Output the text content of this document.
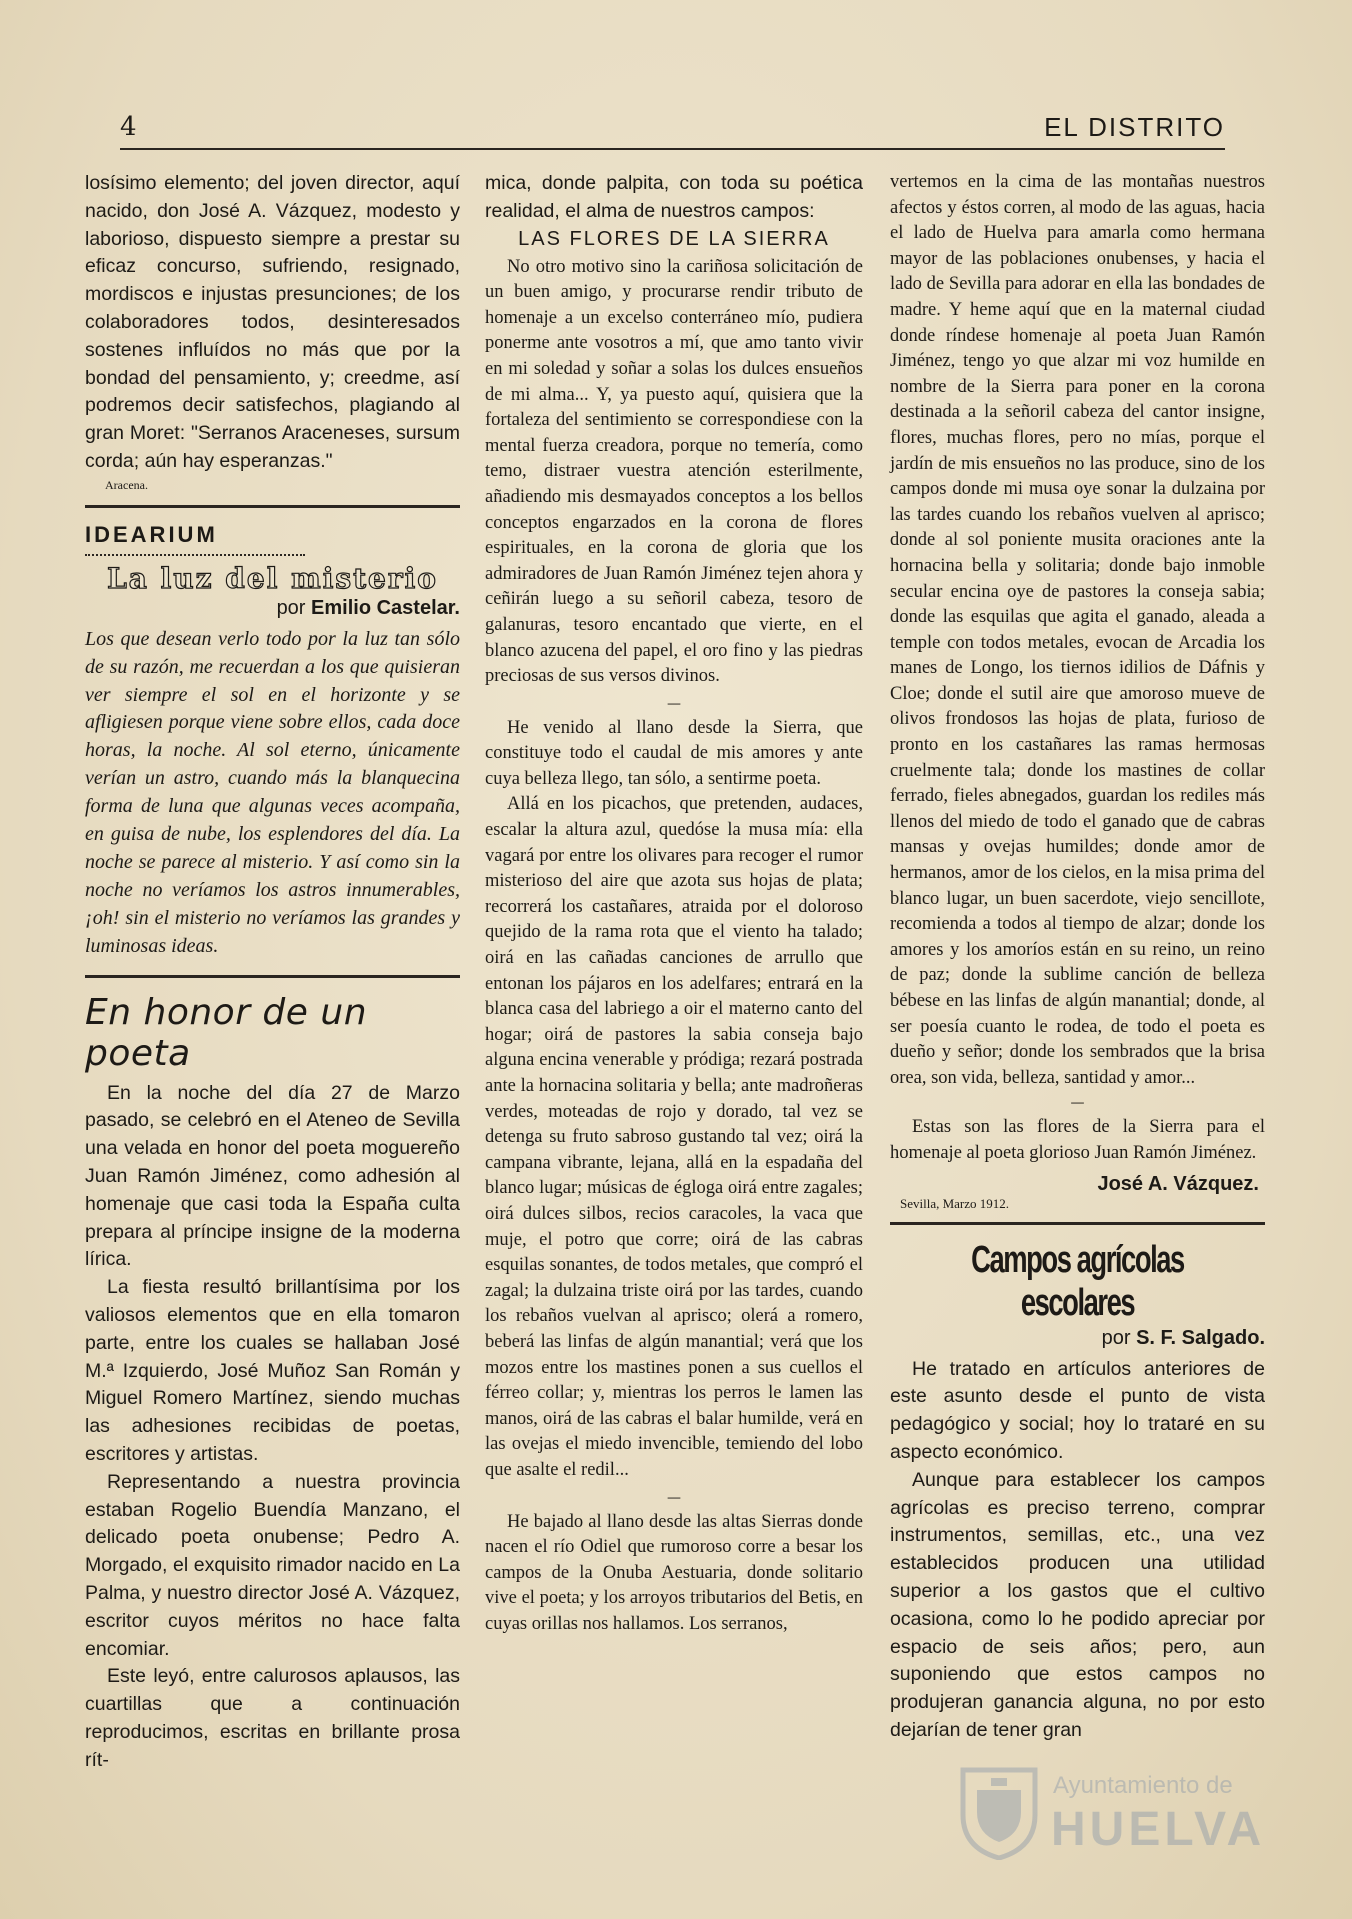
4	EL DISTRITO

losísimo elemento; del joven director, aquí nacido, don José A. Vázquez, modesto y laborioso, dispuesto siempre a prestar su eficaz concurso, sufriendo, resignado, mordiscos e injustas presunciones; de los colaboradores todos, desinteresados sostenes influídos no más que por la bondad del pensamiento, y; creedme, así podremos decir satisfechos, plagiando al gran Moret: "Serranos Araceneses, sursum corda; aún hay esperanzas."

Aracena.
IDEARIUM
La luz del misterio
por Emilio Castelar.

Los que desean verlo todo por la luz tan sólo de su razón, me recuerdan a los que quisieran ver siempre el sol en el horizonte y se afligiesen porque viene sobre ellos, cada doce horas, la noche. Al sol eterno, únicamente verían un astro, cuando más la blanquecina forma de luna que algunas veces acompaña, en guisa de nube, los esplendores del día. La noche se parece al misterio. Y así como sin la noche no veríamos los astros innumerables, ¡oh! sin el misterio no veríamos las grandes y luminosas ideas.

En honor de un poeta

En la noche del día 27 de Marzo pasado, se celebró en el Ateneo de Sevilla una velada en honor del poeta moguereño Juan Ramón Jiménez, como adhesión al homenaje que casi toda la España culta prepara al príncipe insigne de la moderna lírica.

La fiesta resultó brillantísima por los valiosos elementos que en ella tomaron parte, entre los cuales se hallaban José M.ª Izquierdo, José Muñoz San Román y Miguel Romero Martínez, siendo muchas las adhesiones recibidas de poetas, escritores y artistas.

Representando a nuestra provincia estaban Rogelio Buendía Manzano, el delicado poeta onubense; Pedro A. Morgado, el exquisito rimador nacido en La Palma, y nuestro director José A. Vázquez, escritor cuyos méritos no hace falta encomiar.

Este leyó, entre calurosos aplausos, las cuartillas que a continuación reproducimos, escritas en brillante prosa rít-

mica, donde palpita, con toda su poética realidad, el alma de nuestros campos:

LAS FLORES DE LA SIERRA

No otro motivo sino la cariñosa solicitación de un buen amigo, y procurarse rendir tributo de homenaje a un excelso conterráneo mío, pudiera ponerme ante vosotros a mí, que amo tanto vivir en mi soledad y soñar a solas los dulces ensueños de mi alma... Y, ya puesto aquí, quisiera que la fortaleza del sentimiento se correspondiese con la mental fuerza creadora, porque no temería, como temo, distraer vuestra atención esterilmente, añadiendo mis desmayados conceptos a los bellos conceptos engarzados en la corona de flores espirituales, en la corona de gloria que los admiradores de Juan Ramón Jiménez tejen ahora y ceñirán luego a su señoril cabeza, tesoro de galanuras, tesoro encantado que vierte, en el blanco azucena del papel, el oro fino y las piedras preciosas de sus versos divinos.

—

He venido al llano desde la Sierra, que constituye todo el caudal de mis amores y ante cuya belleza llego, tan sólo, a sentirme poeta.

Allá en los picachos, que pretenden, audaces, escalar la altura azul, quedóse la musa mía: ella vagará por entre los olivares para recoger el rumor misterioso del aire que azota sus hojas de plata; recorrerá los castañares, atraida por el doloroso quejido de la rama rota que el viento ha talado; oirá en las cañadas canciones de arrullo que entonan los pájaros en los adelfares; entrará en la blanca casa del labriego a oir el materno canto del hogar; oirá de pastores la sabia conseja bajo alguna encina venerable y pródiga; rezará postrada ante la hornacina solitaria y bella; ante madroñeras verdes, moteadas de rojo y dorado, tal vez se detenga su fruto sabroso gustando tal vez; oirá la campana vibrante, lejana, allá en la espadaña del blanco lugar; músicas de égloga oirá entre zagales; oirá dulces silbos, recios caracoles, la vaca que muje, el potro que corre; oirá de las cabras esquilas sonantes, de todos metales, que compró el zagal; la dulzaina triste oirá por las tardes, cuando los rebaños vuelvan al aprisco; olerá a romero, beberá las linfas de algún manantial; verá que los mozos entre los mastines ponen a sus cuellos el férreo collar; y, mientras los perros le lamen las manos, oirá de las cabras el balar humilde, verá en las ovejas el miedo invencible, temiendo del lobo que asalte el redil...

—

He bajado al llano desde las altas Sierras donde nacen el río Odiel que rumoroso corre a besar los campos de la Onuba Aestuaria, donde solitario vive el poeta; y los arroyos tributarios del Betis, en cuyas orillas nos hallamos. Los serranos,

vertemos en la cima de las montañas nuestros afectos y éstos corren, al modo de las aguas, hacia el lado de Huelva para amarla como hermana mayor de las poblaciones onubenses, y hacia el lado de Sevilla para adorar en ella las bondades de madre. Y heme aquí que en la maternal ciudad donde ríndese homenaje al poeta Juan Ramón Jiménez, tengo yo que alzar mi voz humilde en nombre de la Sierra para poner en la corona destinada a la señoril cabeza del cantor insigne, flores, muchas flores, pero no mías, porque el jardín de mis ensueños no las produce, sino de los campos donde mi musa oye sonar la dulzaina por las tardes cuando los rebaños vuelven al aprisco; donde al sol poniente musita oraciones ante la hornacina bella y solitaria; donde bajo inmoble secular encina oye de pastores la conseja sabia; donde las esquilas que agita el ganado, aleada a temple con todos metales, evocan de Arcadia los manes de Longo, los tiernos idilios de Dáfnis y Cloe; donde el sutil aire que amoroso mueve de olivos frondosos las hojas de plata, furioso de pronto en los castañares las ramas hermosas cruelmente tala; donde los mastines de collar ferrado, fieles abnegados, guardan los rediles más llenos del miedo de todo el ganado que de cabras mansas y ovejas humildes; donde amor de hermanos, amor de los cielos, en la misa prima del blanco lugar, un buen sacerdote, viejo sencillote, recomienda a todos al tiempo de alzar; donde los amores y los amoríos están en su reino, un reino de paz; donde la sublime canción de belleza bébese en las linfas de algún manantial; donde, al ser poesía cuanto le rodea, de todo el poeta es dueño y señor; donde los sembrados que la brisa orea, son vida, belleza, santidad y amor...

—

Estas son las flores de la Sierra para el homenaje al poeta glorioso Juan Ramón Jiménez.

José A. Vázquez.
Sevilla, Marzo 1912.
Campos agrícolas escolares
por S. F. Salgado.

He tratado en artículos anteriores de este asunto desde el punto de vista pedagógico y social; hoy lo trataré en su aspecto económico.

Aunque para establecer los campos agrícolas es preciso terreno, comprar instrumentos, semillas, etc., una vez establecidos producen una utilidad superior a los gastos que el cultivo ocasiona, como lo he podido apreciar por espacio de seis años; pero, aun suponiendo que estos campos no produjeran ganancia alguna, no por esto dejarían de tener gran

Ayuntamiento de
HUELVA
